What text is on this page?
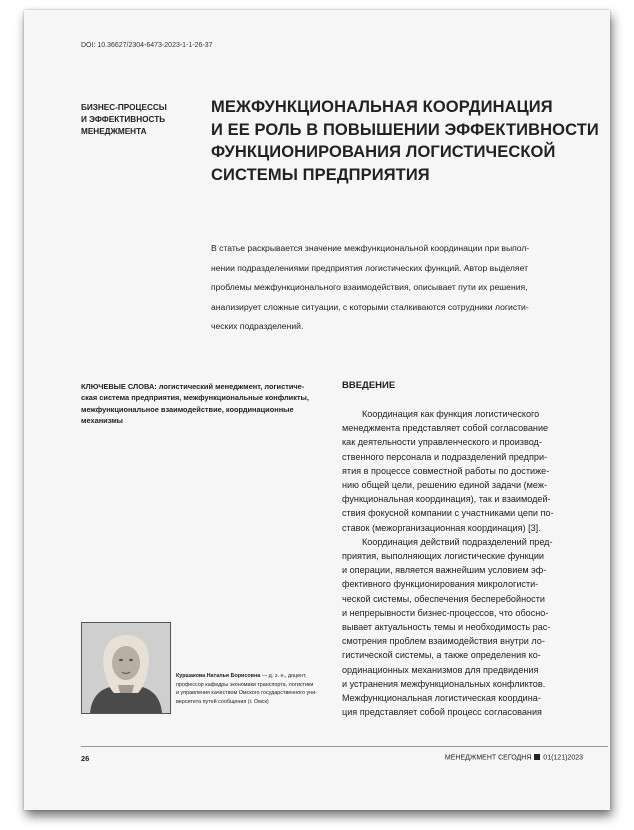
DOI: 10.36627/2304-6473-2023-1-1-26-37
БИЗНЕС-ПРОЦЕССЫ
И ЭФФЕКТИВНОСТЬ
МЕНЕДЖМЕНТА
МЕЖФУНКЦИОНАЛЬНАЯ КООРДИНАЦИЯ
И ЕЕ РОЛЬ В ПОВЫШЕНИИ ЭФФЕКТИВНОСТИ
ФУНКЦИОНИРОВАНИЯ ЛОГИСТИЧЕСКОЙ
СИСТЕМЫ ПРЕДПРИЯТИЯ
В статье раскрывается значение межфункциональной координации при выпол-
нении подразделениями предприятия логистических функций. Автор выделяет
проблемы межфункционального взаимодействия, описывает пути их решения,
анализирует сложные ситуации, с которыми сталкиваются сотрудники логисти-
ческих подразделений.
КЛЮЧЕВЫЕ СЛОВА: логистический менеджмент, логистиче-
ская система предприятия, межфункциональные конфликты,
межфункциональное взаимодействие, координационные
механизмы
ВВЕДЕНИЕ
Координация как функция логистического
менеджмента представляет собой согласование
как деятельности управленческого и производ-
ственного персонала и подразделений предпри-
ятия в процессе совместной работы по достиже-
нию общей цели, решению единой задачи (меж-
функциональная координация), так и взаимодей-
ствия фокусной компании с участниками цепи по-
ставок (межорганизационная координация) [3].
Координация действий подразделений пред-
приятия, выполняющих логистические функции
и операции, является важнейшим условием эф-
фективного функционирования микрологисти-
ческой системы, обеспечения бесперебойности
и непрерывности бизнес-процессов, что обосно-
вывает актуальность темы и необходимость рас-
смотрения проблем взаимодействия внутри ло-
гистической системы, а также определения ко-
ординационных механизмов для предвидения
и устранения межфункциональных конфликтов.
Межфункциональная логистическая координа-
ция представляет собой процесс согласования
Куршакова Наталья Борисовна — д. э. н., доцент,
профессор кафедры экономики транспорта, логистики
и управления качеством Омского государственного уни-
верситета путей сообщения (г. Омск)
26	МЕНЕДЖМЕНТ СЕГОДНЯ 01(121)2023
